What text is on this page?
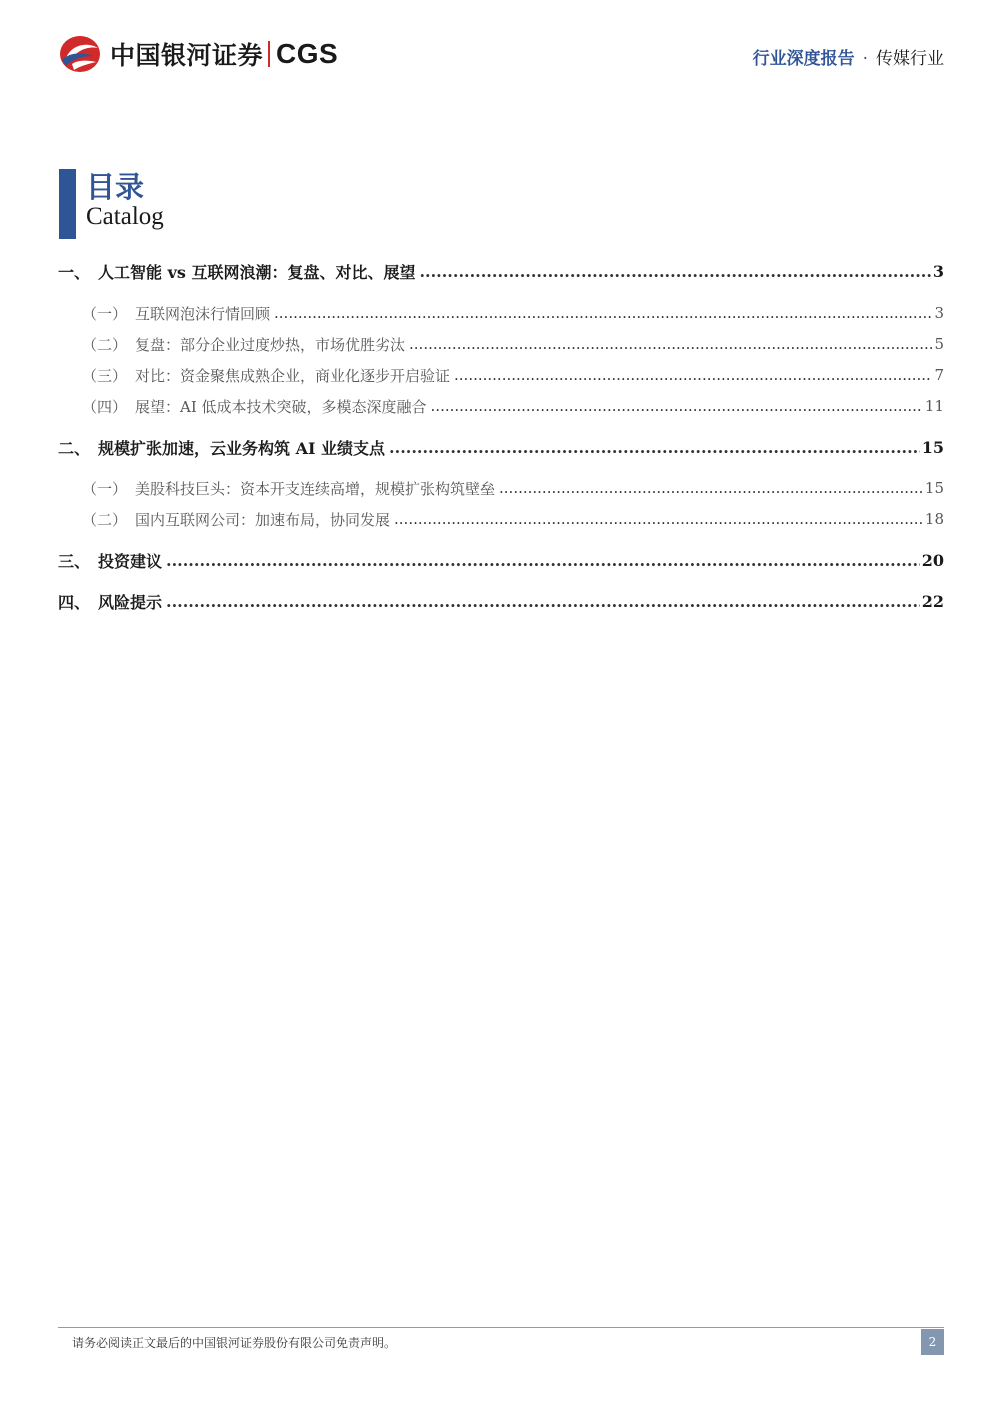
中国银河证券 CGS	行业深度报告 · 传媒行业
目录
Catalog
一、 人工智能 vs 互联网浪潮：复盘、对比、展望 .....	3
（一） 互联网泡沫行情回顾 .....	3
（二） 复盘：部分企业过度炒热，市场优胜劣汰 .....	5
（三） 对比：资金聚焦成熟企业，商业化逐步开启验证 .....	7
（四） 展望：AI 低成本技术突破，多模态深度融合 .....	11
二、 规模扩张加速，云业务构筑 AI 业绩支点 .....	15
（一） 美股科技巨头：资本开支连续高增，规模扩张构筑壁垒 .....	15
（二） 国内互联网公司：加速布局，协同发展 .....	18
三、 投资建议 .....	20
四、 风险提示 .....	22
请务必阅读正文最后的中国银河证券股份有限公司免责声明。	2
